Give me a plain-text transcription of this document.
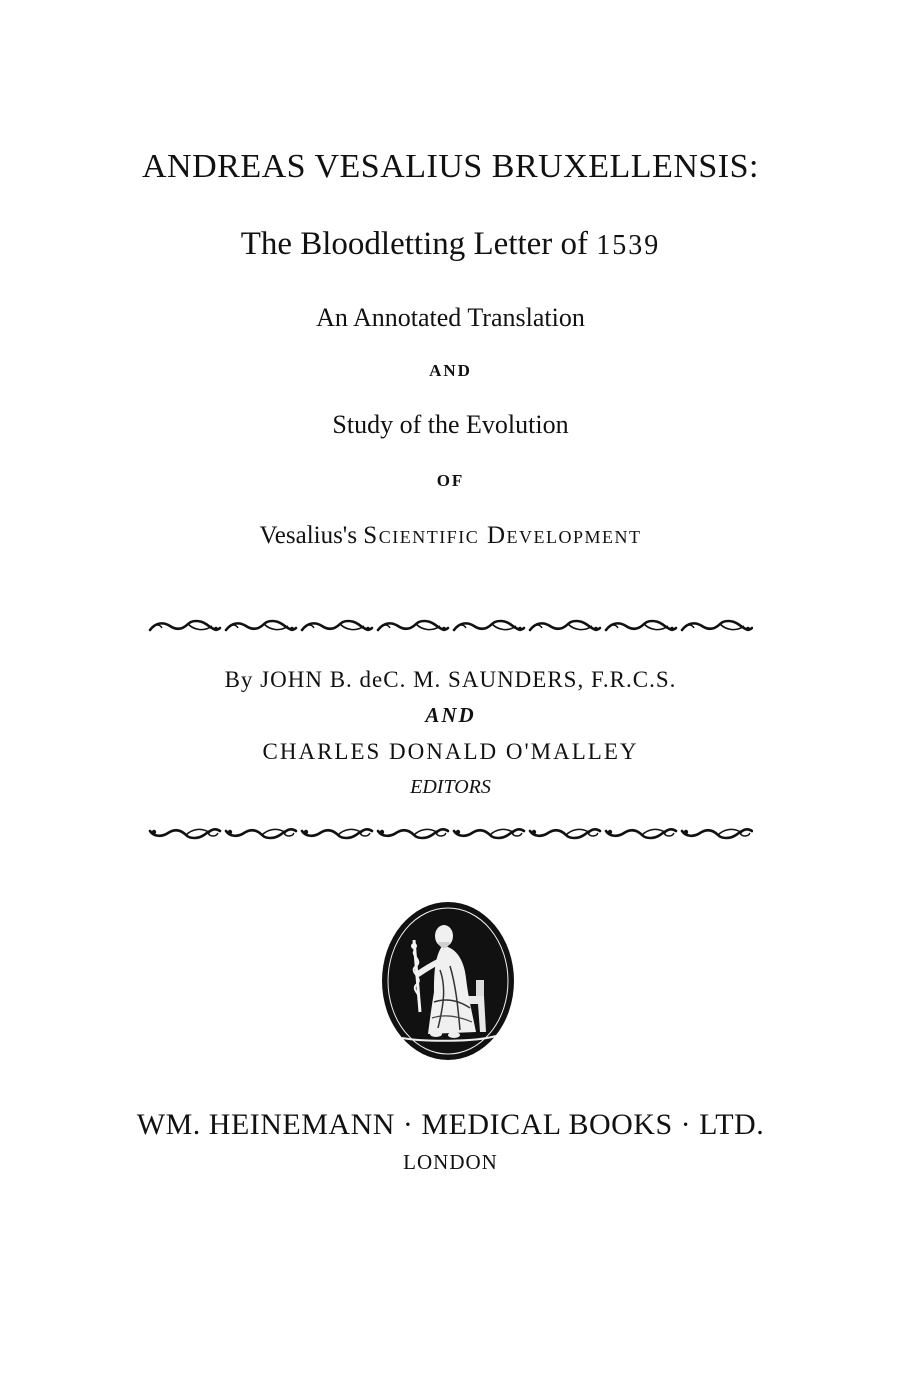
ANDREAS VESALIUS BRUXELLENSIS:
The Bloodletting Letter of 1539
An Annotated Translation
AND
Study of the Evolution
OF
Vesalius's Scientific Development
By JOHN B. deC. M. SAUNDERS, F.R.C.S.
AND
CHARLES DONALD O'MALLEY
EDITORS
WM. HEINEMANN · MEDICAL BOOKS · LTD.
LONDON
